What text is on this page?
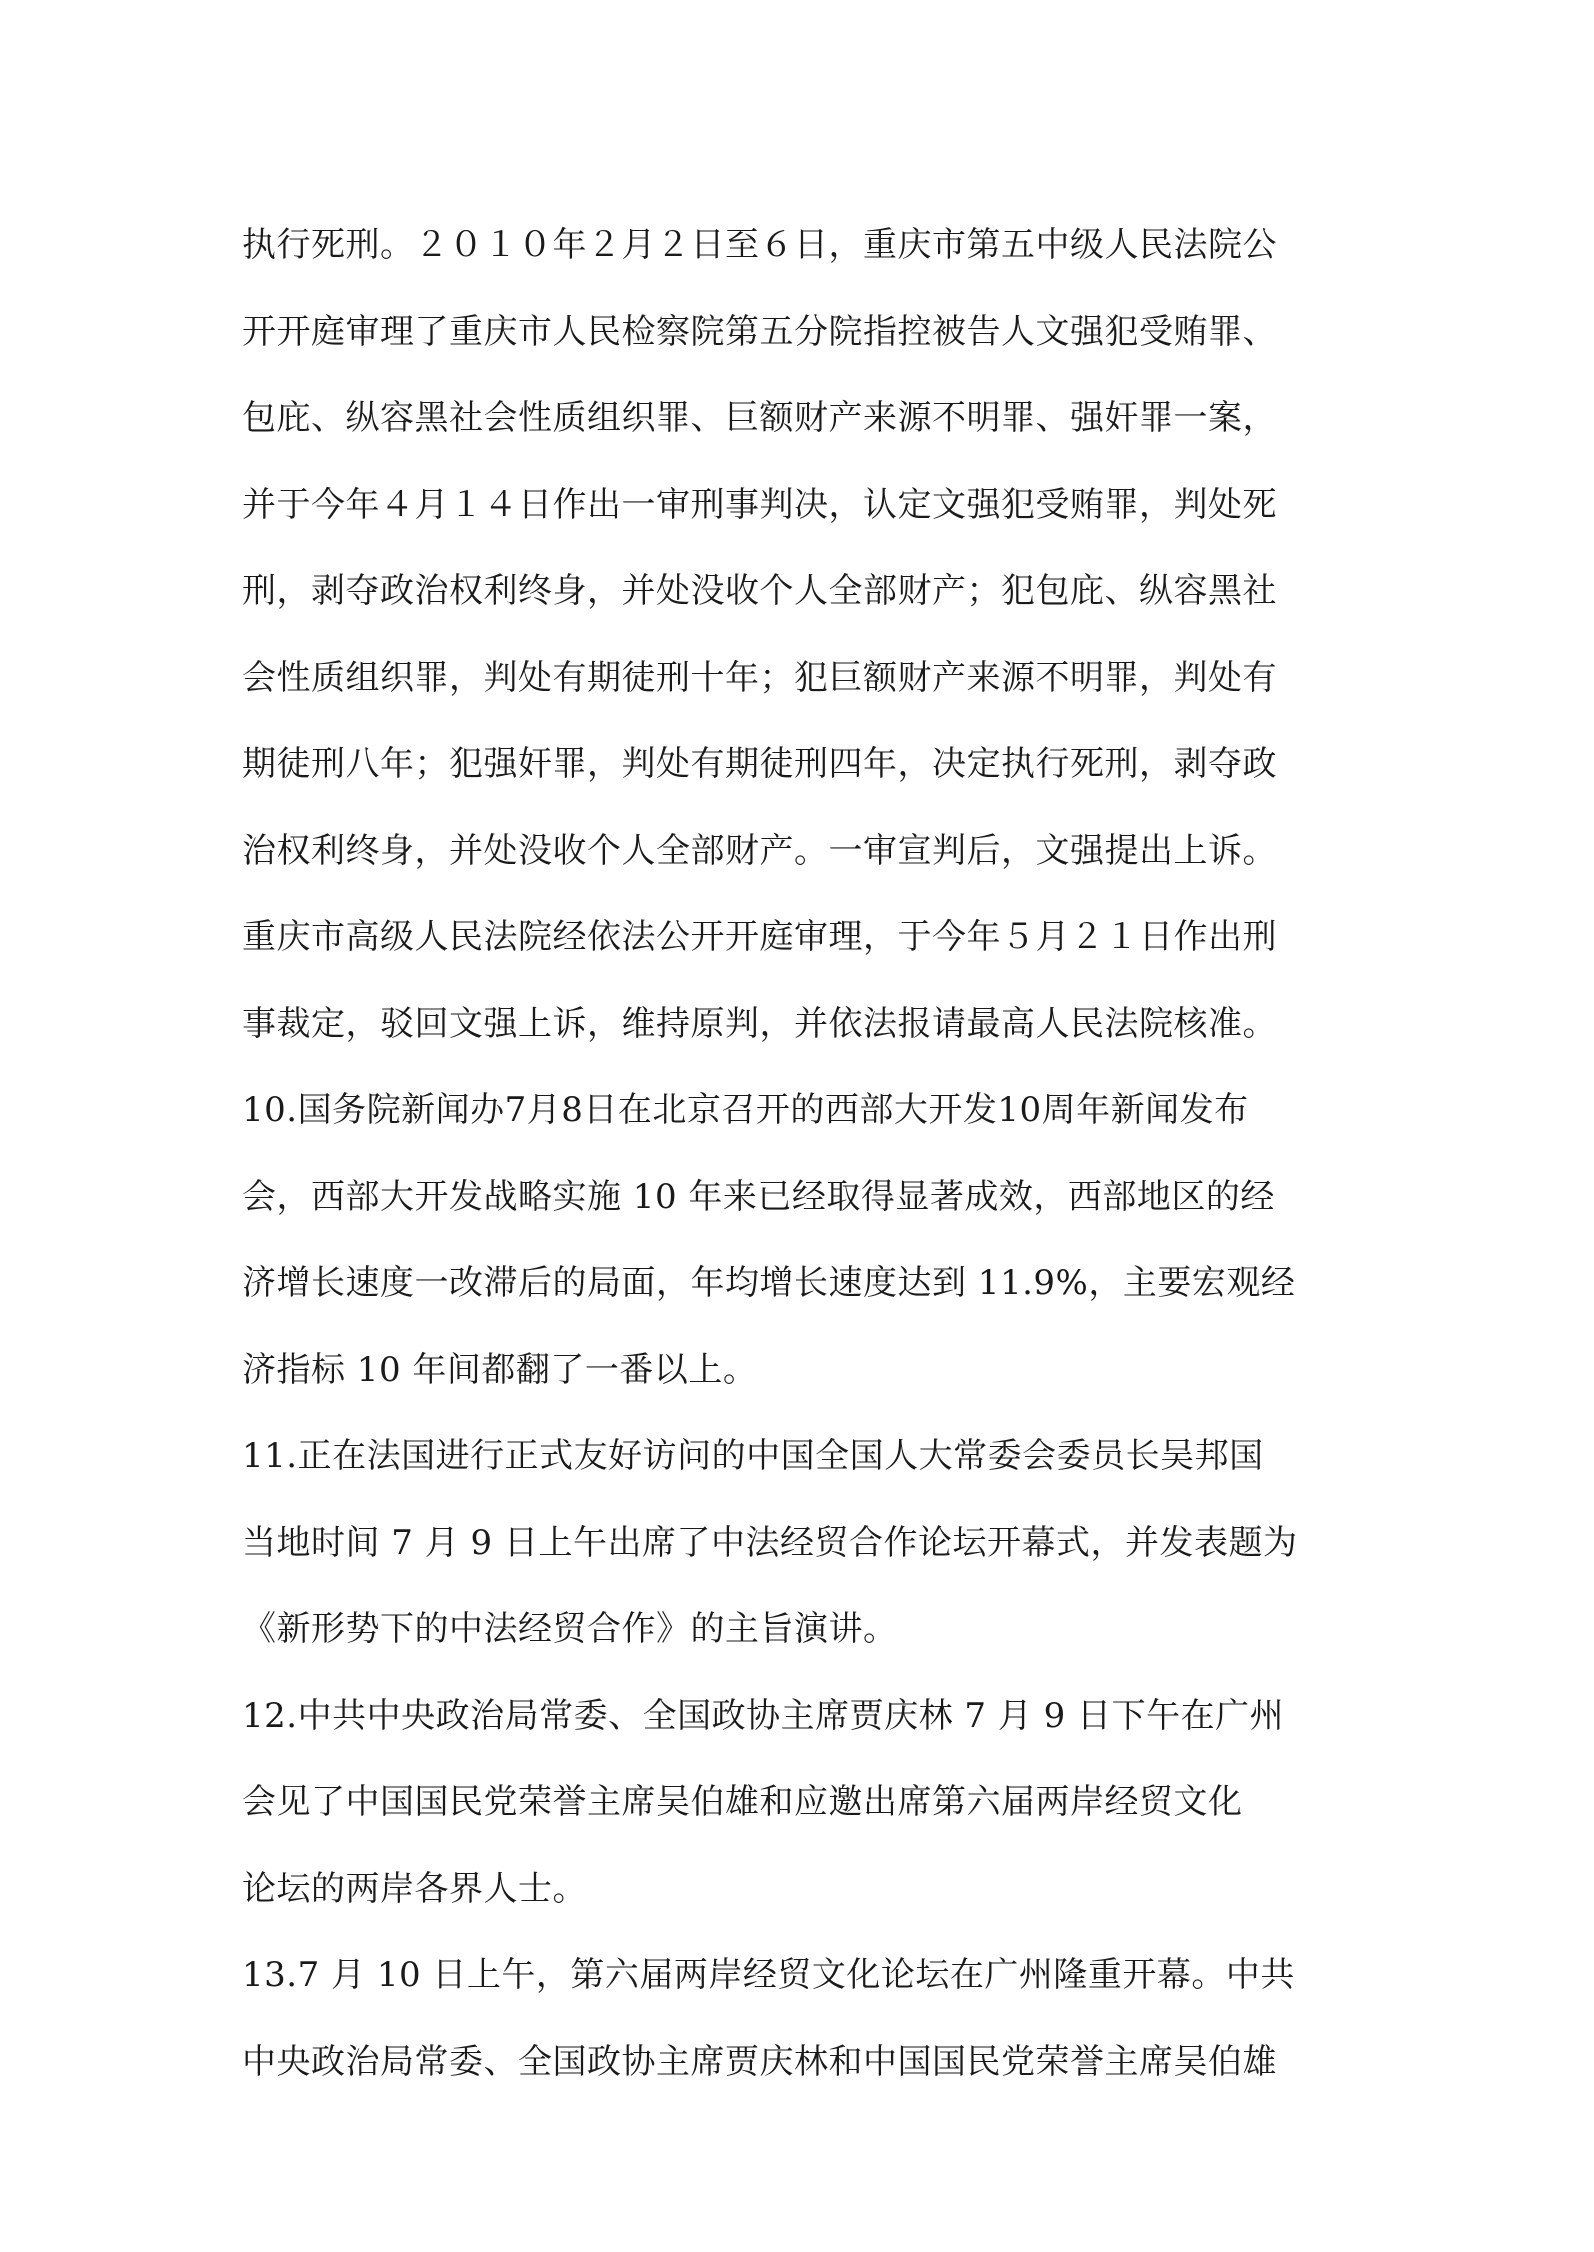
执行死刑。２０１０年２月２日至６日，重庆市第五中级人民法院公
开开庭审理了重庆市人民检察院第五分院指控被告人文强犯受贿罪、
包庇、纵容黑社会性质组织罪、巨额财产来源不明罪、强奸罪一案，
并于今年４月１４日作出一审刑事判决，认定文强犯受贿罪，判处死
刑，剥夺政治权利终身，并处没收个人全部财产；犯包庇、纵容黑社
会性质组织罪，判处有期徒刑十年；犯巨额财产来源不明罪，判处有
期徒刑八年；犯强奸罪，判处有期徒刑四年，决定执行死刑，剥夺政
治权利终身，并处没收个人全部财产。一审宣判后，文强提出上诉。
重庆市高级人民法院经依法公开开庭审理，于今年５月２１日作出刑
事裁定，驳回文强上诉，维持原判，并依法报请最高人民法院核准。
10.国务院新闻办7月8日在北京召开的西部大开发10周年新闻发布
会，西部大开发战略实施 10 年来已经取得显著成效，西部地区的经
济增长速度一改滞后的局面，年均增长速度达到 11.9%，主要宏观经
济指标 10 年间都翻了一番以上。
11.正在法国进行正式友好访问的中国全国人大常委会委员长吴邦国
当地时间 7 月 9 日上午出席了中法经贸合作论坛开幕式，并发表题为
《新形势下的中法经贸合作》的主旨演讲。
12.中共中央政治局常委、全国政协主席贾庆林 7 月 9 日下午在广州
会见了中国国民党荣誉主席吴伯雄和应邀出席第六届两岸经贸文化
论坛的两岸各界人士。
13.7 月 10 日上午，第六届两岸经贸文化论坛在广州隆重开幕。中共
中央政治局常委、全国政协主席贾庆林和中国国民党荣誉主席吴伯雄
